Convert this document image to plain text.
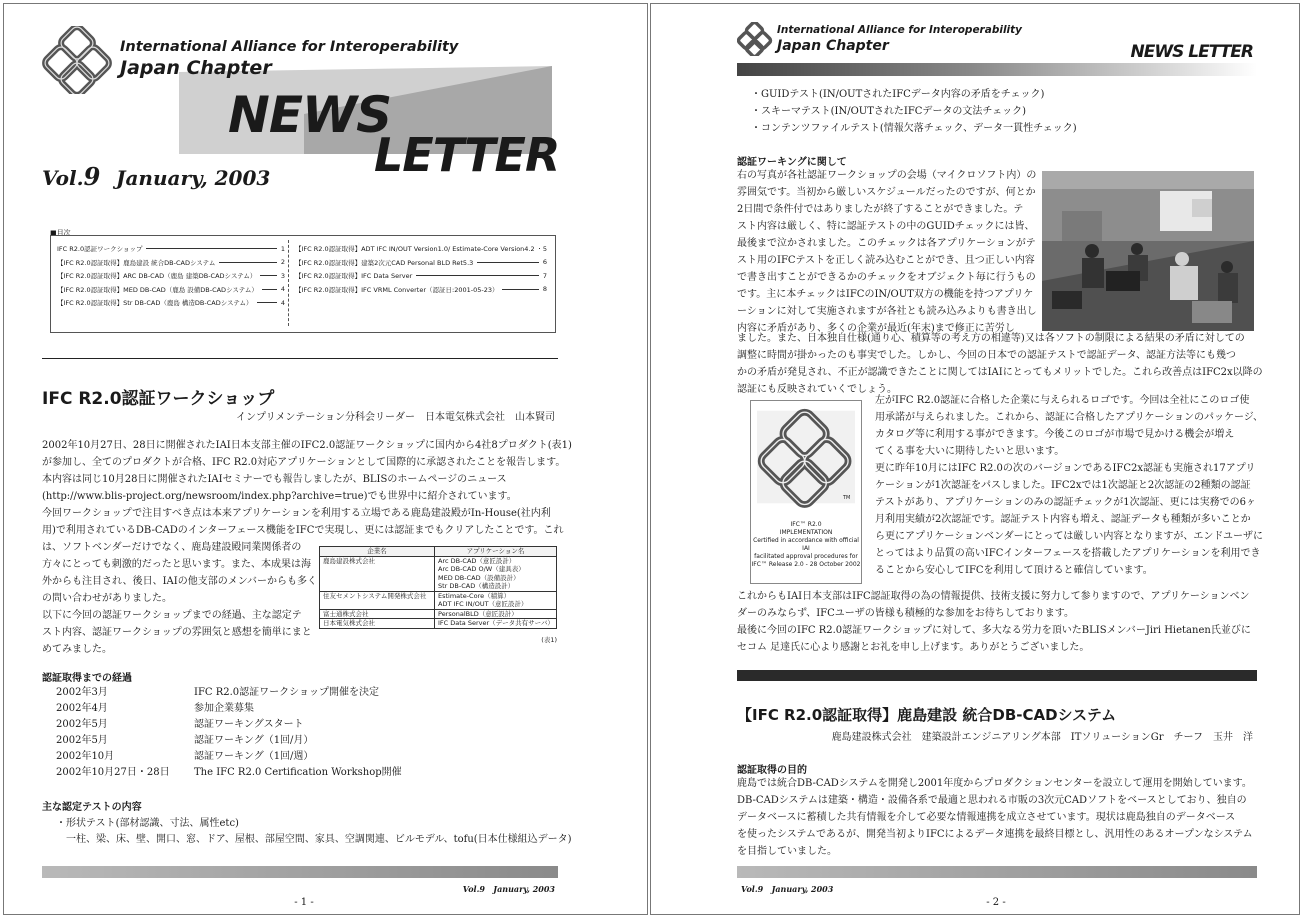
International Alliance for Interoperability
Japan Chapter
NEWS
LETTER
Vol.9 January, 2003
■目次
IFC R2.0認証ワークショップ	1
【IFC R2.0認証取得】鹿島建設 統合DB-CADシステム	2
【IFC R2.0認証取得】ARC DB-CAD（鹿島 建築DB-CADシステム）	3
【IFC R2.0認証取得】MED DB-CAD（鹿島 設備DB-CADシステム）	4
【IFC R2.0認証取得】Str DB-CAD（鹿島 構造DB-CADシステム）	4
【IFC R2.0認証取得】ADT IFC IN/OUT Version1.0/ Estimate-Core Version4.2 5
【IFC R2.0認証取得】建築2次元CAD Personal BLD Ret5.3	6
【IFC R2.0認証取得】IFC Data Server	7
【IFC R2.0認証取得】IFC VRML Converter（認証日:2001-05-23）	8
IFC R2.0認証ワークショップ
インプリメンテーション分科会リーダー　日本電気株式会社　山本賢司
2002年10月27日、28日に開催されたIAI日本支部主催のIFC2.0認証ワークショップに国内から4社8プロダクト(表1)
が参加し、全てのプロダクトが合格、IFC R2.0対応アプリケーションとして国際的に承認されたことを報告します。
本内容は同じ10月28日に開催されたIAIセミナーでも報告しましたが、BLISのホームページのニュース
(http://www.blis-project.org/newsroom/index.php?archive=true)でも世界中に紹介されています。
今回ワークショップで注目すべき点は本来アプリケーションを利用する立場である鹿島建設殿がIn-House(社内利
用)で利用されているDB-CADのインターフェース機能をIFCで実現し、更には認証までもクリアしたことです。これ
は、ソフトベンダーだけでなく、鹿島建設殿同業関係者の
方々にとっても刺激的だったと思います。また、本成果は海
外からも注目され、後日、IAIの他支部のメンバーからも多く
の問い合わせがありました。
以下に今回の認証ワークショップまでの経過、主な認定テ
スト内容、認証ワークショップの雰囲気と感想を簡単にまと
めてみました。
企業名	アプリケーション名
鹿島建設株式会社	Arc DB-CAD（意匠設計）
Arc DB-CAD O/W（建具表）
MED DB-CAD（設備設計）
Str DB-CAD（構造設計）

住友セメントシステム開発株式会社	Estimate-Core（積算）
ADT IFC IN/OUT（意匠設計）

富士通株式会社	PersonalBLD（意匠設計）

日本電気株式会社	IFC Data Server（データ共有サーバ）
(表1)
認証取得までの経過
2002年3月	IFC R2.0認証ワークショップ開催を決定
2002年4月	参加企業募集
2002年5月	認証ワーキングスタート
2002年5月	認証ワーキング（1回/月）
2002年10月	認証ワーキング（1回/週）
2002年10月27日・28日	The IFC R2.0 Certification Workshop開催
主な認定テストの内容
・形状テスト(部材認識、寸法、属性etc)
一柱、梁、床、壁、開口、窓、ドア、屋根、部屋空間、家具、空調関連、ビルモデル、tofu(日本仕様組込データ)
Vol.9 January, 2003
- 1 -
International Alliance for Interoperability
Japan Chapter	NEWS LETTER
・GUIDテスト(IN/OUTされたIFCデータ内容の矛盾をチェック)
・スキーマテスト(IN/OUTされたIFCデータの文法チェック)
・コンテンツファイルテスト(情報欠落チェック、データ一貫性チェック)
認証ワーキングに関して
右の写真が各社認証ワークショップの会場（マイクロソフト内）の
雰囲気です。当初から厳しいスケジュールだったのですが、何とか
2日間で条件付ではありましたが終了することができました。テ
スト内容は厳しく、特に認証テストの中のGUIDチェックには皆、
最後まで泣かされました。このチェックは各アプリケーションがテ
スト用のIFCテストを正しく読み込むことができ、且つ正しい内容
で書き出すことができるかのチェックをオブジェクト毎に行うもの
です。主に本チェックはIFCのIN/OUT双方の機能を持つアプリケ
ーションに対して実施されますが各社とも読み込みよりも書き出し
内容に矛盾があり、多くの企業が最近(年末)まで修正に苦労し
ました。また、日本独自仕様(通り心、積算等の考え方の相違等)又は各ソフトの制限による結果の矛盾に対しての
調整に時間が掛かったのも事実でした。しかし、今回の日本での認証テストで認証データ、認証方法等にも幾つ
かの矛盾が発見され、不正が認識できたことに関してはIAIにとってもメリットでした。これら改善点はIFC2x以降の
認証にも反映されていくでしょう。
TM
IFC™ R2.0
IMPLEMENTATION
Certified in accordance with official IAI
facilitated approval procedures for
IFC™ Release 2.0 - 28 October 2002
左がIFC R2.0認証に合格した企業に与えられるロゴです。今回は全社にこのロゴ使
用承諾が与えられました。これから、認証に合格したアプリケーションのパッケージ、
カタログ等に利用する事ができます。今後このロゴが市場で見かける機会が増え
てくる事を大いに期待したいと思います。
更に昨年10月にはIFC R2.0の次のバージョンであるIFC2x認証も実施され17アプリ
ケーションが1次認証をパスしました。IFC2xでは1次認証と2次認証の2種類の認証
テストがあり、アプリケーションのみの認証チェックが1次認証、更には実務での6ヶ
月利用実績が2次認証です。認証テスト内容も増え、認証データも種類が多いことか
ら更にアプリケーションベンダーにとっては厳しい内容となりますが、エンドユーザに
とってはより品質の高いIFCインターフェースを搭載したアプリケーションを利用でき
ることから安心してIFCを利用して頂けると確信しています。
これからもIAI日本支部はIFC認証取得の為の情報提供、技術支援に努力して参りますので、アプリケーションベン
ダーのみならず、IFCユーザの皆様も積極的な参加をお待ちしております。
最後に今回のIFC R2.0認証ワークショップに対して、多大なる労力を頂いたBLISメンバーJiri Hietanen氏並びに
セコム 足達氏に心より感謝とお礼を申し上げます。ありがとうございました。
【IFC R2.0認証取得】鹿島建設 統合DB-CADシステム
鹿島建設株式会社　建築設計エンジニアリング本部　ITソリューションGr　チーフ　玉井　洋
認証取得の目的
鹿島では統合DB-CADシステムを開発し2001年度からプロダクションセンターを設立して運用を開始しています。
DB-CADシステムは建築・構造・設備各系で最適と思われる市販の3次元CADソフトをベースとしており、独自の
データベースに蓄積した共有情報を介して必要な情報連携を成立させています。現状は鹿島独自のデータベース
を使ったシステムであるが、開発当初よりIFCによるデータ連携を最終目標とし、汎用性のあるオープンなシステム
を目指していました。
Vol.9 January, 2003
- 2 -
